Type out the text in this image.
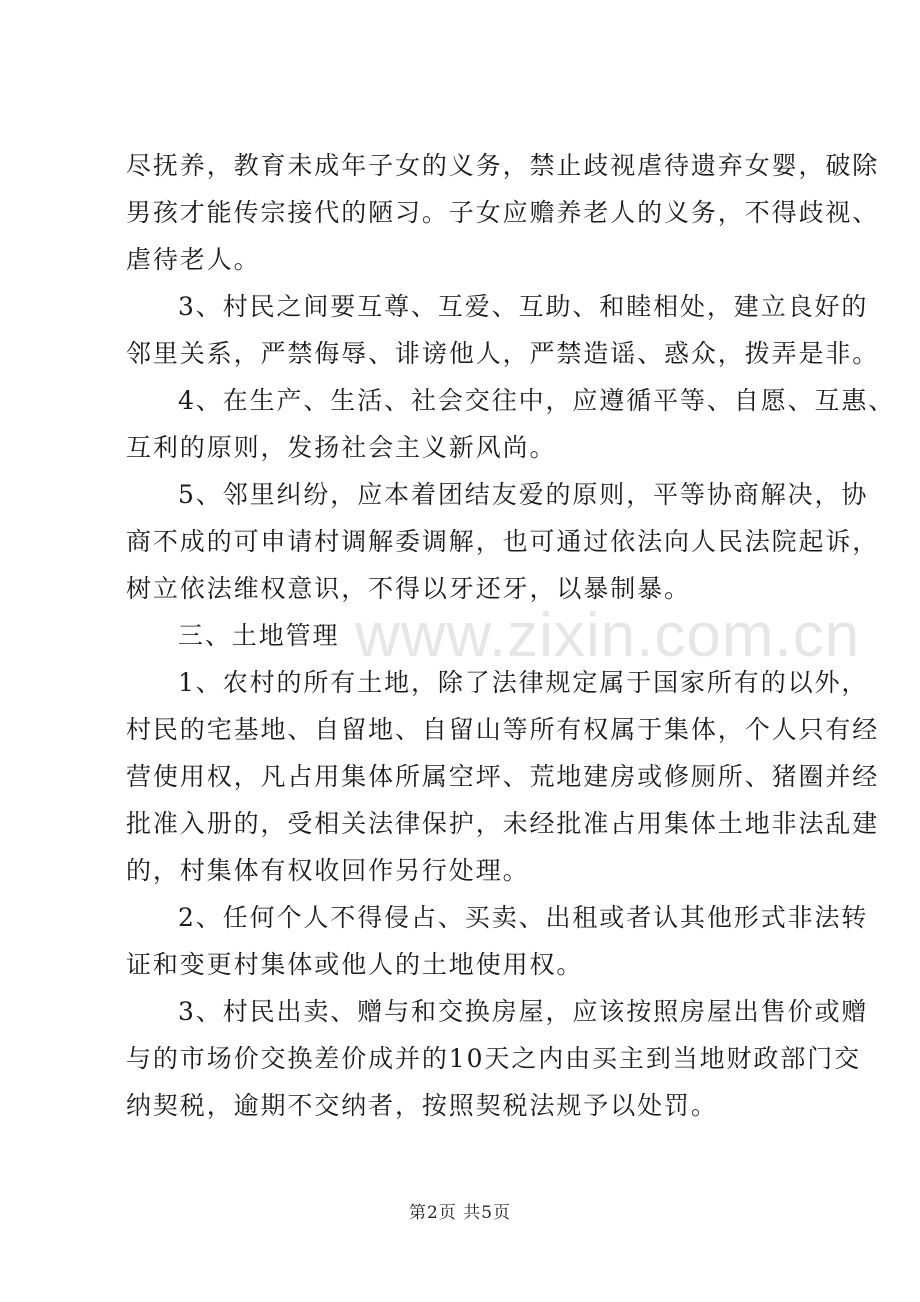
尽抚养，教育未成年子女的义务，禁止歧视虐待遗弃女婴，破除
男孩才能传宗接代的陋习。子女应赡养老人的义务，不得歧视、
虐待老人。

3、村民之间要互尊、互爱、互助、和睦相处，建立良好的
邻里关系，严禁侮辱、诽谤他人，严禁造谣、惑众，拨弄是非。

4、在生产、生活、社会交往中，应遵循平等、自愿、互惠、
互利的原则，发扬社会主义新风尚。

5、邻里纠纷，应本着团结友爱的原则，平等协商解决，协
商不成的可申请村调解委调解，也可通过依法向人民法院起诉，
树立依法维权意识，不得以牙还牙，以暴制暴。

三、土地管理

1、农村的所有土地，除了法律规定属于国家所有的以外，
村民的宅基地、自留地、自留山等所有权属于集体，个人只有经
营使用权，凡占用集体所属空坪、荒地建房或修厕所、猪圈并经
批准入册的，受相关法律保护，未经批准占用集体土地非法乱建
的，村集体有权收回作另行处理。

2、任何个人不得侵占、买卖、出租或者认其他形式非法转
证和变更村集体或他人的土地使用权。

3、村民出卖、赠与和交换房屋，应该按照房屋出售价或赠
与的市场价交换差价成并的10天之内由买主到当地财政部门交
纳契税，逾期不交纳者，按照契税法规予以处罚。

www.zixin.com.cn
第2页 共5页
